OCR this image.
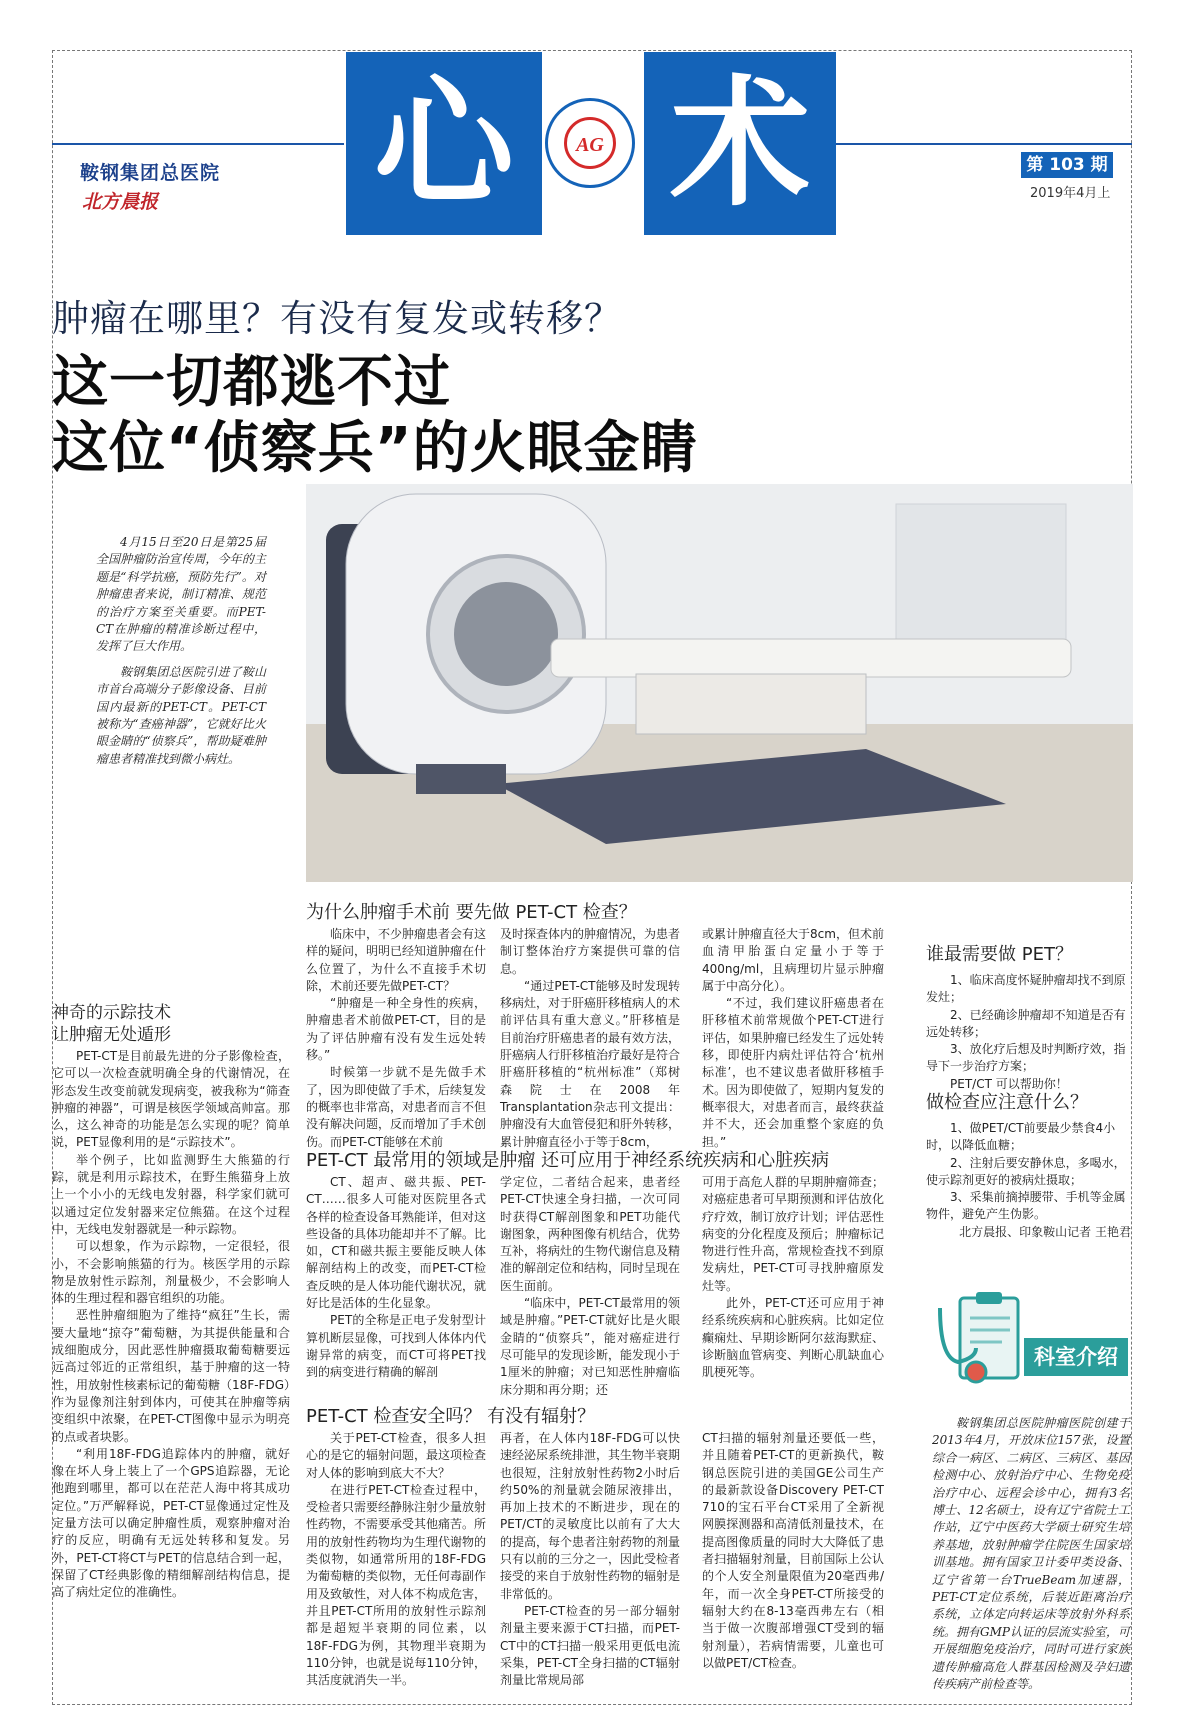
心 术
AG
鞍钢集团总医院
北方晨报
第 103 期
2019年4月上
肿瘤在哪里？有没有复发或转移？
这一切都逃不过
这位“侦察兵”的火眼金睛

4月15日至20日是第25届全国肿瘤防治宣传周，今年的主题是“科学抗癌，预防先行”。对肿瘤患者来说，制订精准、规范的治疗方案至关重要。而PET-CT在肿瘤的精准诊断过程中，发挥了巨大作用。

鞍钢集团总医院引进了鞍山市首台高端分子影像设备、目前国内最新的PET-CT。PET-CT被称为“查癌神器”，它就好比火眼金睛的“侦察兵”，帮助疑难肿瘤患者精准找到微小病灶。

神奇的示踪技术
让肿瘤无处遁形

PET-CT是目前最先进的分子影像检查，它可以一次检查就明确全身的代谢情况，在形态发生改变前就发现病变，被我称为“筛查肿瘤的神器”，可谓是核医学领域高帅富。那么，这么神奇的功能是怎么实现的呢？简单说，PET显像利用的是“示踪技术”。

举个例子，比如监测野生大熊猫的行踪，就是利用示踪技术，在野生熊猫身上放上一个小小的无线电发射器，科学家们就可以通过定位发射器来定位熊猫。在这个过程中，无线电发射器就是一种示踪物。

可以想象，作为示踪物，一定很轻，很小，不会影响熊猫的行为。核医学用的示踪物是放射性示踪剂，剂量极少，不会影响人体的生理过程和器官组织的功能。

恶性肿瘤细胞为了维持“疯狂”生长，需要大量地“掠夺”葡萄糖，为其提供能量和合成细胞成分，因此恶性肿瘤摄取葡萄糖要远远高过邻近的正常组织，基于肿瘤的这一特性，用放射性核素标记的葡萄糖（18F-FDG）作为显像剂注射到体内，可使其在肿瘤等病变组织中浓聚，在PET-CT图像中显示为明亮的点或者块影。

“利用18F-FDG追踪体内的肿瘤，就好像在坏人身上装上了一个GPS追踪器，无论他跑到哪里，都可以在茫茫人海中将其成功定位。”万严解释说，PET-CT显像通过定性及定量方法可以确定肿瘤性质，观察肿瘤对治疗的反应，明确有无远处转移和复发。另外，PET-CT将CT与PET的信息结合到一起，保留了CT经典影像的精细解剖结构信息，提高了病灶定位的准确性。

为什么肿瘤手术前 要先做 PET-CT 检查？

临床中，不少肿瘤患者会有这样的疑问，明明已经知道肿瘤在什么位置了，为什么不直接手术切除，术前还要先做PET-CT？

“肿瘤是一种全身性的疾病，肿瘤患者术前做PET-CT，目的是为了评估肿瘤有没有发生远处转移。”

时候第一步就不是先做手术了，因为即使做了手术，后续复发的概率也非常高，对患者而言不但没有解决问题，反而增加了手术创伤。而PET-CT能够在术前

及时探查体内的肿瘤情况，为患者制订整体治疗方案提供可靠的信息。

“通过PET-CT能够及时发现转移病灶，对于肝癌肝移植病人的术前评估具有重大意义。”肝移植是目前治疗肝癌患者的最有效方法，肝癌病人行肝移植治疗最好是符合肝癌肝移植的“杭州标准”（郑树森院士在2008年Transplantation杂志刊文提出：肿瘤没有大血管侵犯和肝外转移，累计肿瘤直径小于等于8cm，

或累计肿瘤直径大于8cm，但术前血清甲胎蛋白定量小于等于400ng/ml，且病理切片显示肿瘤属于中高分化）。

“不过，我们建议肝癌患者在肝移植术前常规做个PET-CT进行评估，如果肿瘤已经发生了远处转移，即使肝内病灶评估符合‘杭州标准’，也不建议患者做肝移植手术。因为即使做了，短期内复发的概率很大，对患者而言，最终获益并不大，还会加重整个家庭的负担。”

PET-CT 最常用的领域是肿瘤 还可应用于神经系统疾病和心脏疾病

CT、超声、磁共振、PET-CT……很多人可能对医院里各式各样的检查设备耳熟能详，但对这些设备的具体功能却并不了解。比如，CT和磁共振主要能反映人体解剖结构上的改变，而PET-CT检查反映的是人体功能代谢状况，就好比是活体的生化显象。

PET的全称是正电子发射型计算机断层显像，可找到人体体内代谢异常的病变，而CT可将PET找到的病变进行精确的解剖

学定位，二者结合起来，患者经PET-CT快速全身扫描，一次可同时获得CT解剖图象和PET功能代谢图象，两种图像有机结合，优势互补，将病灶的生物代谢信息及精准的解剖定位和结构，同时呈现在医生面前。

“临床中，PET-CT最常用的领域是肿瘤。”PET-CT就好比是火眼金睛的“侦察兵”，能对癌症进行尽可能早的发现诊断，能发现小于1厘米的肿瘤；对已知恶性肿瘤临床分期和再分期；还

可用于高危人群的早期肿瘤筛查；对癌症患者可早期预测和评估放化疗疗效，制订放疗计划；评估恶性病变的分化程度及预后；肿瘤标记物进行性升高，常规检查找不到原发病灶，PET-CT可寻找肿瘤原发灶等。

此外，PET-CT还可应用于神经系统疾病和心脏疾病。比如定位癫痫灶、早期诊断阿尔兹海默症、诊断脑血管病变、判断心肌缺血心肌梗死等。

PET-CT 检查安全吗？ 有没有辐射？

关于PET-CT检查，很多人担心的是它的辐射问题，最这项检查对人体的影响到底大不大？

在进行PET-CT检查过程中，受检者只需要经静脉注射少量放射性药物，不需要承受其他痛苦。所用的放射性药物均为生理代谢物的类似物，如通常所用的18F-FDG为葡萄糖的类似物，无任何毒副作用及致敏性，对人体不构成危害，并且PET-CT所用的放射性示踪剂都是超短半衰期的同位素，以18F-FDG为例，其物理半衰期为110分钟，也就是说每110分钟，其活度就消失一半。

再者，在人体内18F-FDG可以快速经泌尿系统排泄，其生物半衰期也很短，注射放射性药物2小时后约50%的剂量就会随尿液排出，再加上技术的不断进步，现在的PET/CT的灵敏度比以前有了大大的提高，每个患者注射药物的剂量只有以前的三分之一，因此受检者接受的来自于放射性药物的辐射是非常低的。

PET-CT检查的另一部分辐射剂量主要来源于CT扫描，而PET-CT中的CT扫描一般采用更低电流采集，PET-CT全身扫描的CT辐射剂量比常规局部

CT扫描的辐射剂量还要低一些，并且随着PET-CT的更新换代，鞍钢总医院引进的美国GE公司生产的最新款设备Discovery PET-CT 710的宝石平台CT采用了全新视网膜探测器和高清低剂量技术，在提高图像质量的同时大大降低了患者扫描辐射剂量，目前国际上公认的个人安全剂量限值为20毫西弗/年，而一次全身PET-CT所接受的辐射大约在8-13毫西弗左右（相当于做一次腹部增强CT受到的辐射剂量），若病情需要，儿童也可以做PET/CT检查。

谁最需要做 PET？

1、临床高度怀疑肿瘤却找不到原发灶；

2、已经确诊肿瘤却不知道是否有远处转移；

3、放化疗后想及时判断疗效，指导下一步治疗方案；

PET/CT 可以帮助你！

做检查应注意什么？

1、做PET/CT前要最少禁食4小时，以降低血糖；

2、注射后要安静休息，多喝水，使示踪剂更好的被病灶摄取；

3、采集前摘掉腰带、手机等金属物件，避免产生伪影。

北方晨报、印象鞍山记者 王艳君

科室介绍

鞍钢集团总医院肿瘤医院创建于2013年4月，开放床位157张，设置综合一病区、二病区、三病区、基因检测中心、放射治疗中心、生物免疫治疗中心、远程会诊中心，拥有3名博士、12名硕士，设有辽宁省院士工作站，辽宁中医药大学硕士研究生培养基地，放射肿瘤学住院医生国家培训基地。拥有国家卫计委甲类设备、辽宁省第一台TrueBeam加速器，PET-CT定位系统，后装近距离治疗系统，立体定向转运床等放射外科系统。拥有GMP认证的层流实验室，可开展细胞免疫治疗，同时可进行家族遗传肿瘤高危人群基因检测及孕妇遗传疾病产前检查等。
